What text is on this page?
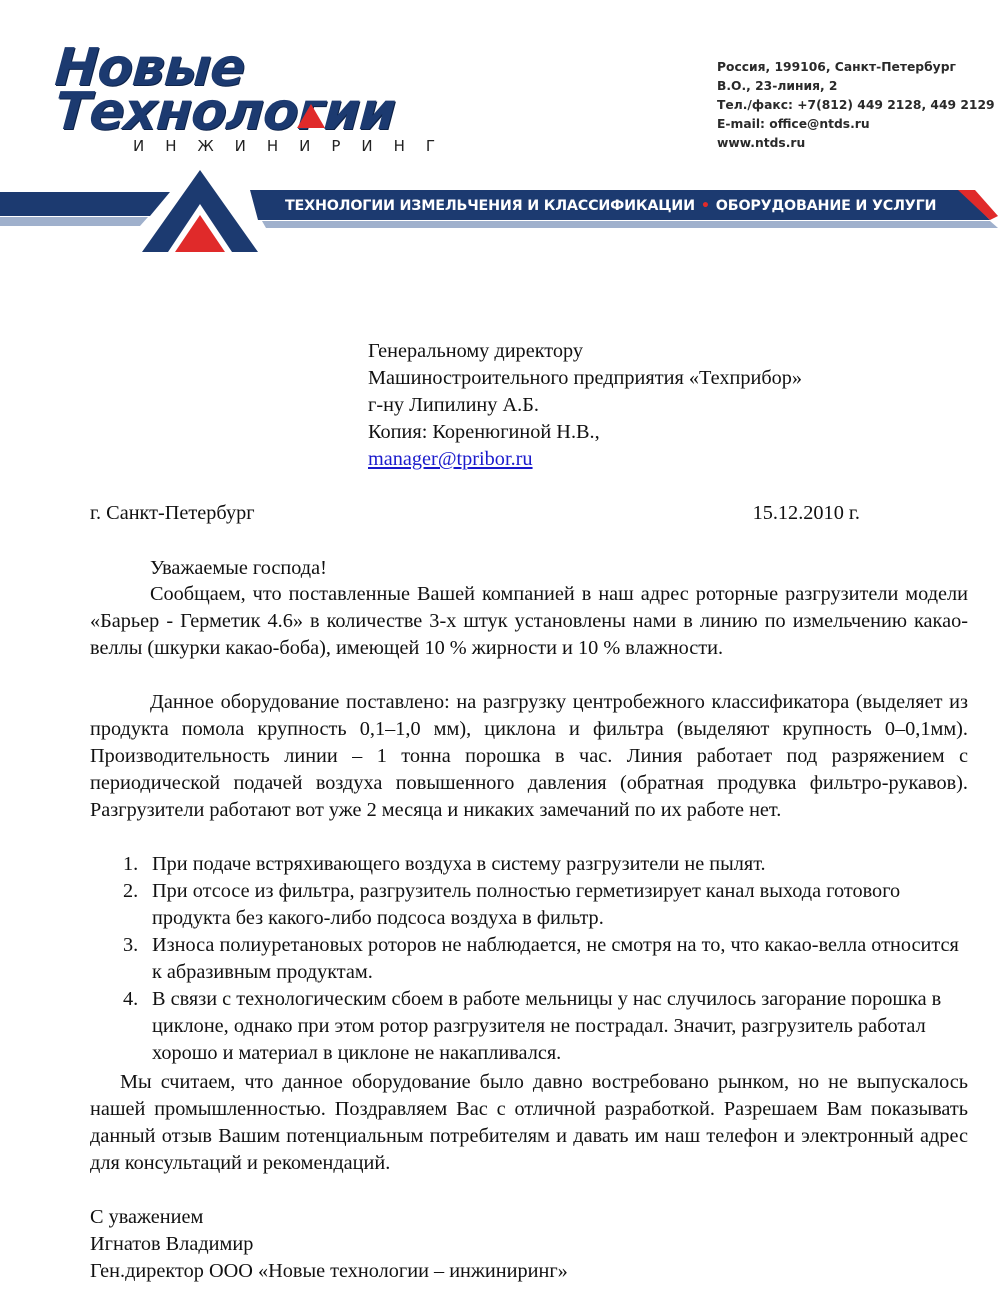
Новые
Технологии
ИНЖИНИРИНГ
Россия, 199106, Санкт-Петербург
В.О., 23-линия, 2
Тел./факс: +7(812) 449 2128, 449 2129
E-mail: office@ntds.ru
www.ntds.ru
ТЕХНОЛОГИИ ИЗМЕЛЬЧЕНИЯ И КЛАССИФИКАЦИИ • ОБОРУДОВАНИЕ И УСЛУГИ
Генеральному директору
Машиностроительного предприятия «Техприбор»
г-ну Липилину А.Б.
Копия: Коренюгиной Н.В.,
manager@tpribor.ru
г. Санкт-Петербург	15.12.2010 г.
Уважаемые господа!
Сообщаем, что поставленные Вашей компанией в наш адрес роторные разгрузители модели «Барьер - Герметик 4.6» в количестве 3-х штук установлены нами в линию по измельчению какао-веллы (шкурки какао-боба), имеющей 10 % жирности и 10 % влажности.
Данное оборудование поставлено: на разгрузку центробежного классификатора (выделяет из продукта помола крупность 0,1–1,0 мм), циклона и фильтра (выделяют крупность 0–0,1мм). Производительность линии – 1 тонна порошка в час. Линия работает под разряжением с периодической подачей воздуха повышенного давления (обратная продувка фильтро-рукавов). Разгрузители работают вот уже 2 месяца и никаких замечаний по их работе нет.
1. При подаче встряхивающего воздуха в систему разгрузители не пылят.
2. При отсосе из фильтра, разгрузитель полностью герметизирует канал выхода готового продукта без какого-либо подсоса воздуха в фильтр.
3. Износа полиуретановых роторов не наблюдается, не смотря на то, что какао-велла относится к абразивным продуктам.
4. В связи с технологическим сбоем в работе мельницы у нас случилось загорание порошка в циклоне, однако при этом ротор разгрузителя не пострадал. Значит, разгрузитель работал хорошо и материал в циклоне не накапливался.
Мы считаем, что данное оборудование было давно востребовано рынком, но не выпускалось нашей промышленностью. Поздравляем Вас с отличной разработкой. Разрешаем Вам показывать данный отзыв Вашим потенциальным потребителям и давать им наш телефон и электронный адрес для консультаций и рекомендаций.
С уважением
Игнатов Владимир
Ген.директор ООО «Новые технологии – инжиниринг»
